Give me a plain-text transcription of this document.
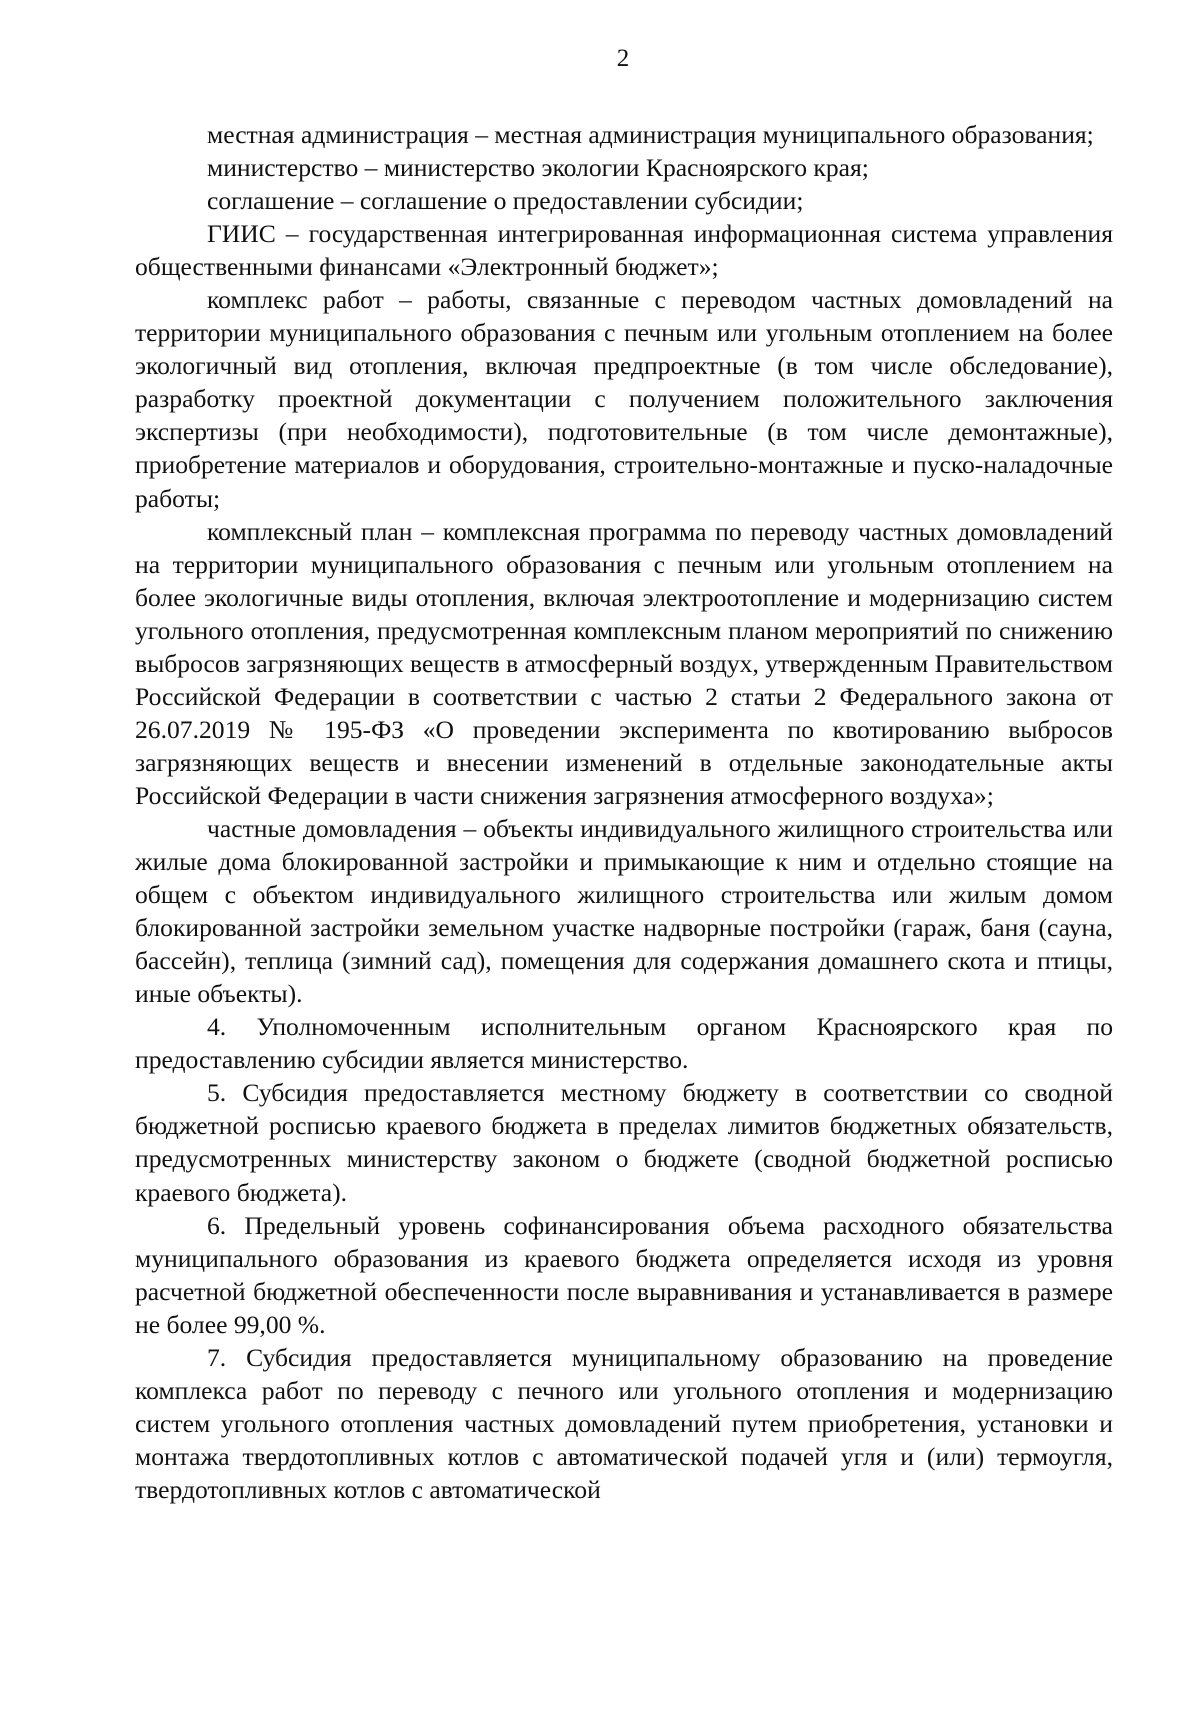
2

местная администрация – местная администрация муниципального образования;

министерство – министерство экологии Красноярского края;

соглашение – соглашение о предоставлении субсидии;

ГИИС – государственная интегрированная информационная система управления общественными финансами «Электронный бюджет»;

комплекс работ – работы, связанные с переводом частных домовладений на территории муниципального образования с печным или угольным отоплением на более экологичный вид отопления, включая предпроектные (в том числе обследование), разработку проектной документации с получением положительного заключения экспертизы (при необходимости), подготовительные (в том числе демонтажные), приобретение материалов и оборудования, строительно-монтажные и пуско-наладочные работы;

комплексный план – комплексная программа по переводу частных домовладений на территории муниципального образования с печным или угольным отоплением на более экологичные виды отопления, включая электроотопление и модернизацию систем угольного отопления, предусмотренная комплексным планом мероприятий по снижению выбросов загрязняющих веществ в атмосферный воздух, утвержденным Правительством Российской Федерации в соответствии с частью 2 статьи 2 Федерального закона от 26.07.2019 № 195-ФЗ «О проведении эксперимента по квотированию выбросов загрязняющих веществ и внесении изменений в отдельные законодательные акты Российской Федерации в части снижения загрязнения атмосферного воздуха»;

частные домовладения – объекты индивидуального жилищного строительства или жилые дома блокированной застройки и примыкающие к ним и отдельно стоящие на общем с объектом индивидуального жилищного строительства или жилым домом блокированной застройки земельном участке надворные постройки (гараж, баня (сауна, бассейн), теплица (зимний сад), помещения для содержания домашнего скота и птицы, иные объекты).

4. Уполномоченным исполнительным органом Красноярского края по предоставлению субсидии является министерство.

5. Субсидия предоставляется местному бюджету в соответствии со сводной бюджетной росписью краевого бюджета в пределах лимитов бюджетных обязательств, предусмотренных министерству законом о бюджете (сводной бюджетной росписью краевого бюджета).

6. Предельный уровень софинансирования объема расходного обязательства муниципального образования из краевого бюджета определяется исходя из уровня расчетной бюджетной обеспеченности после выравнивания и устанавливается в размере не более 99,00 %.

7. Субсидия предоставляется муниципальному образованию на проведение комплекса работ по переводу с печного или угольного отопления и модернизацию систем угольного отопления частных домовладений путем приобретения, установки и монтажа твердотопливных котлов с автоматической подачей угля и (или) термоугля, твердотопливных котлов с автоматической
